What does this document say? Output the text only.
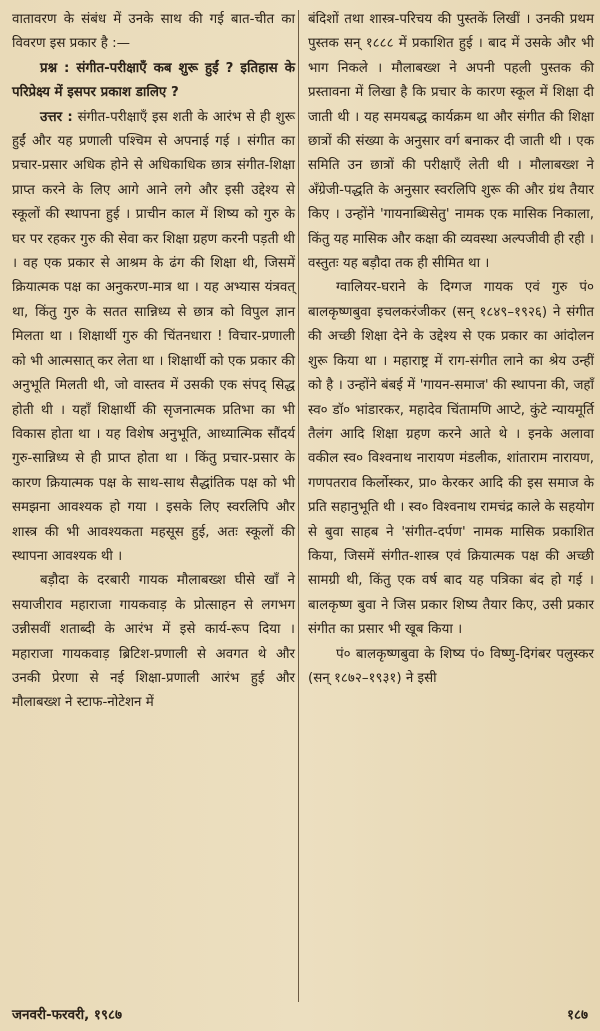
वातावरण के संबंध में उनके साथ की गई बात-चीत का विवरण इस प्रकार है :—

प्रश्न : संगीत-परीक्षाएँ कब शुरू हुईं ? इतिहास के परिप्रेक्ष्य में इसपर प्रकाश डालिए ?

उत्तर : संगीत-परीक्षाएँ इस शती के आरंभ से ही शुरू हुईं और यह प्रणाली पश्चिम से अपनाई गई । संगीत का प्रचार-प्रसार अधिक होने से अधिकाधिक छात्र संगीत-शिक्षा प्राप्त करने के लिए आगे आने लगे और इसी उद्देश्य से स्कूलों की स्थापना हुई । प्राचीन काल में शिष्य को गुरु के घर पर रहकर गुरु की सेवा कर शिक्षा ग्रहण करनी पड़ती थी । वह एक प्रकार से आश्रम के ढंग की शिक्षा थी, जिसमें क्रियात्मक पक्ष का अनुकरण-मात्र था । यह अभ्यास यंत्रवत् था, किंतु गुरु के सतत सान्निध्य से छात्र को विपुल ज्ञान मिलता था । शिक्षार्थी गुरु की चिंतनधारा ! विचार-प्रणाली को भी आत्मसात् कर लेता था । शिक्षार्थी को एक प्रकार की अनुभूति मिलती थी, जो वास्तव में उसकी एक संपद् सिद्ध होती थी । यहाँ शिक्षार्थी की सृजनात्मक प्रतिभा का भी विकास होता था । यह विशेष अनुभूति, आध्यात्मिक सौंदर्य गुरु-सान्निध्य से ही प्राप्त होता था । किंतु प्रचार-प्रसार के कारण क्रियात्मक पक्ष के साथ-साथ सैद्धांतिक पक्ष को भी समझना आवश्यक हो गया । इसके लिए स्वरलिपि और शास्त्र की भी आवश्यकता महसूस हुई, अतः स्कूलों की स्थापना आवश्यक थी ।

बड़ौदा के दरबारी गायक मौलाबख्श घीसे खाँ ने सयाजीराव महाराजा गायकवाड़ के प्रोत्साहन से लगभग उन्नीसवीं शताब्दी के आरंभ में इसे कार्य-रूप दिया । महाराजा गायकवाड़ ब्रिटिश-प्रणाली से अवगत थे और उनकी प्रेरणा से नई शिक्षा-प्रणाली आरंभ हुई और मौलाबख्श ने स्टाफ-नोटेशन में

बंदिशों तथा शास्त्र-परिचय की पुस्तकें लिखीं । उनकी प्रथम पुस्तक सन् १८८८ में प्रकाशित हुई । बाद में उसके और भी भाग निकले । मौलाबख्श ने अपनी पहली पुस्तक की प्रस्तावना में लिखा है कि प्रचार के कारण स्कूल में शिक्षा दी जाती थी । यह समयबद्ध कार्यक्रम था और संगीत की शिक्षा छात्रों की संख्या के अनुसार वर्ग बनाकर दी जाती थी । एक समिति उन छात्रों की परीक्षाएँ लेती थी । मौलाबख्श ने अँग्रेजी-पद्धति के अनुसार स्वरलिपि शुरू की और ग्रंथ तैयार किए । उन्होंने 'गायनाब्धिसेतु' नामक एक मासिक निकाला, किंतु यह मासिक और कक्षा की व्यवस्था अल्पजीवी ही रही । वस्तुतः यह बड़ौदा तक ही सीमित था ।

ग्वालियर-घराने के दिग्गज गायक एवं गुरु पं० बालकृष्णबुवा इचलकरंजीकर (सन् १८४९–१९२६) ने संगीत की अच्छी शिक्षा देने के उद्देश्य से एक प्रकार का आंदोलन शुरू किया था । महाराष्ट्र में राग-संगीत लाने का श्रेय उन्हीं को है । उन्होंने बंबई में 'गायन-समाज' की स्थापना की, जहाँ स्व० डॉ० भांडारकर, महादेव चिंतामणि आप्टे, कुंटे न्यायमूर्ति तैलंग आदि शिक्षा ग्रहण करने आते थे । इनके अलावा वकील स्व० विश्वनाथ नारायण मंडलीक, शांताराम नारायण, गणपतराव किर्लोस्कर, प्रा० केरकर आदि की इस समाज के प्रति सहानुभूति थी । स्व० विश्वनाथ रामचंद्र काले के सहयोग से बुवा साहब ने 'संगीत-दर्पण' नामक मासिक प्रकाशित किया, जिसमें संगीत-शास्त्र एवं क्रियात्मक पक्ष की अच्छी सामग्री थी, किंतु एक वर्ष बाद यह पत्रिका बंद हो गई । बालकृष्ण बुवा ने जिस प्रकार शिष्य तैयार किए, उसी प्रकार संगीत का प्रसार भी खूब किया ।

पं० बालकृष्णबुवा के शिष्य पं० विष्णु-दिगंबर पलुस्कर (सन् १८७२–१९३१) ने इसी

जनवरी-फरवरी, १९८७	१८७
